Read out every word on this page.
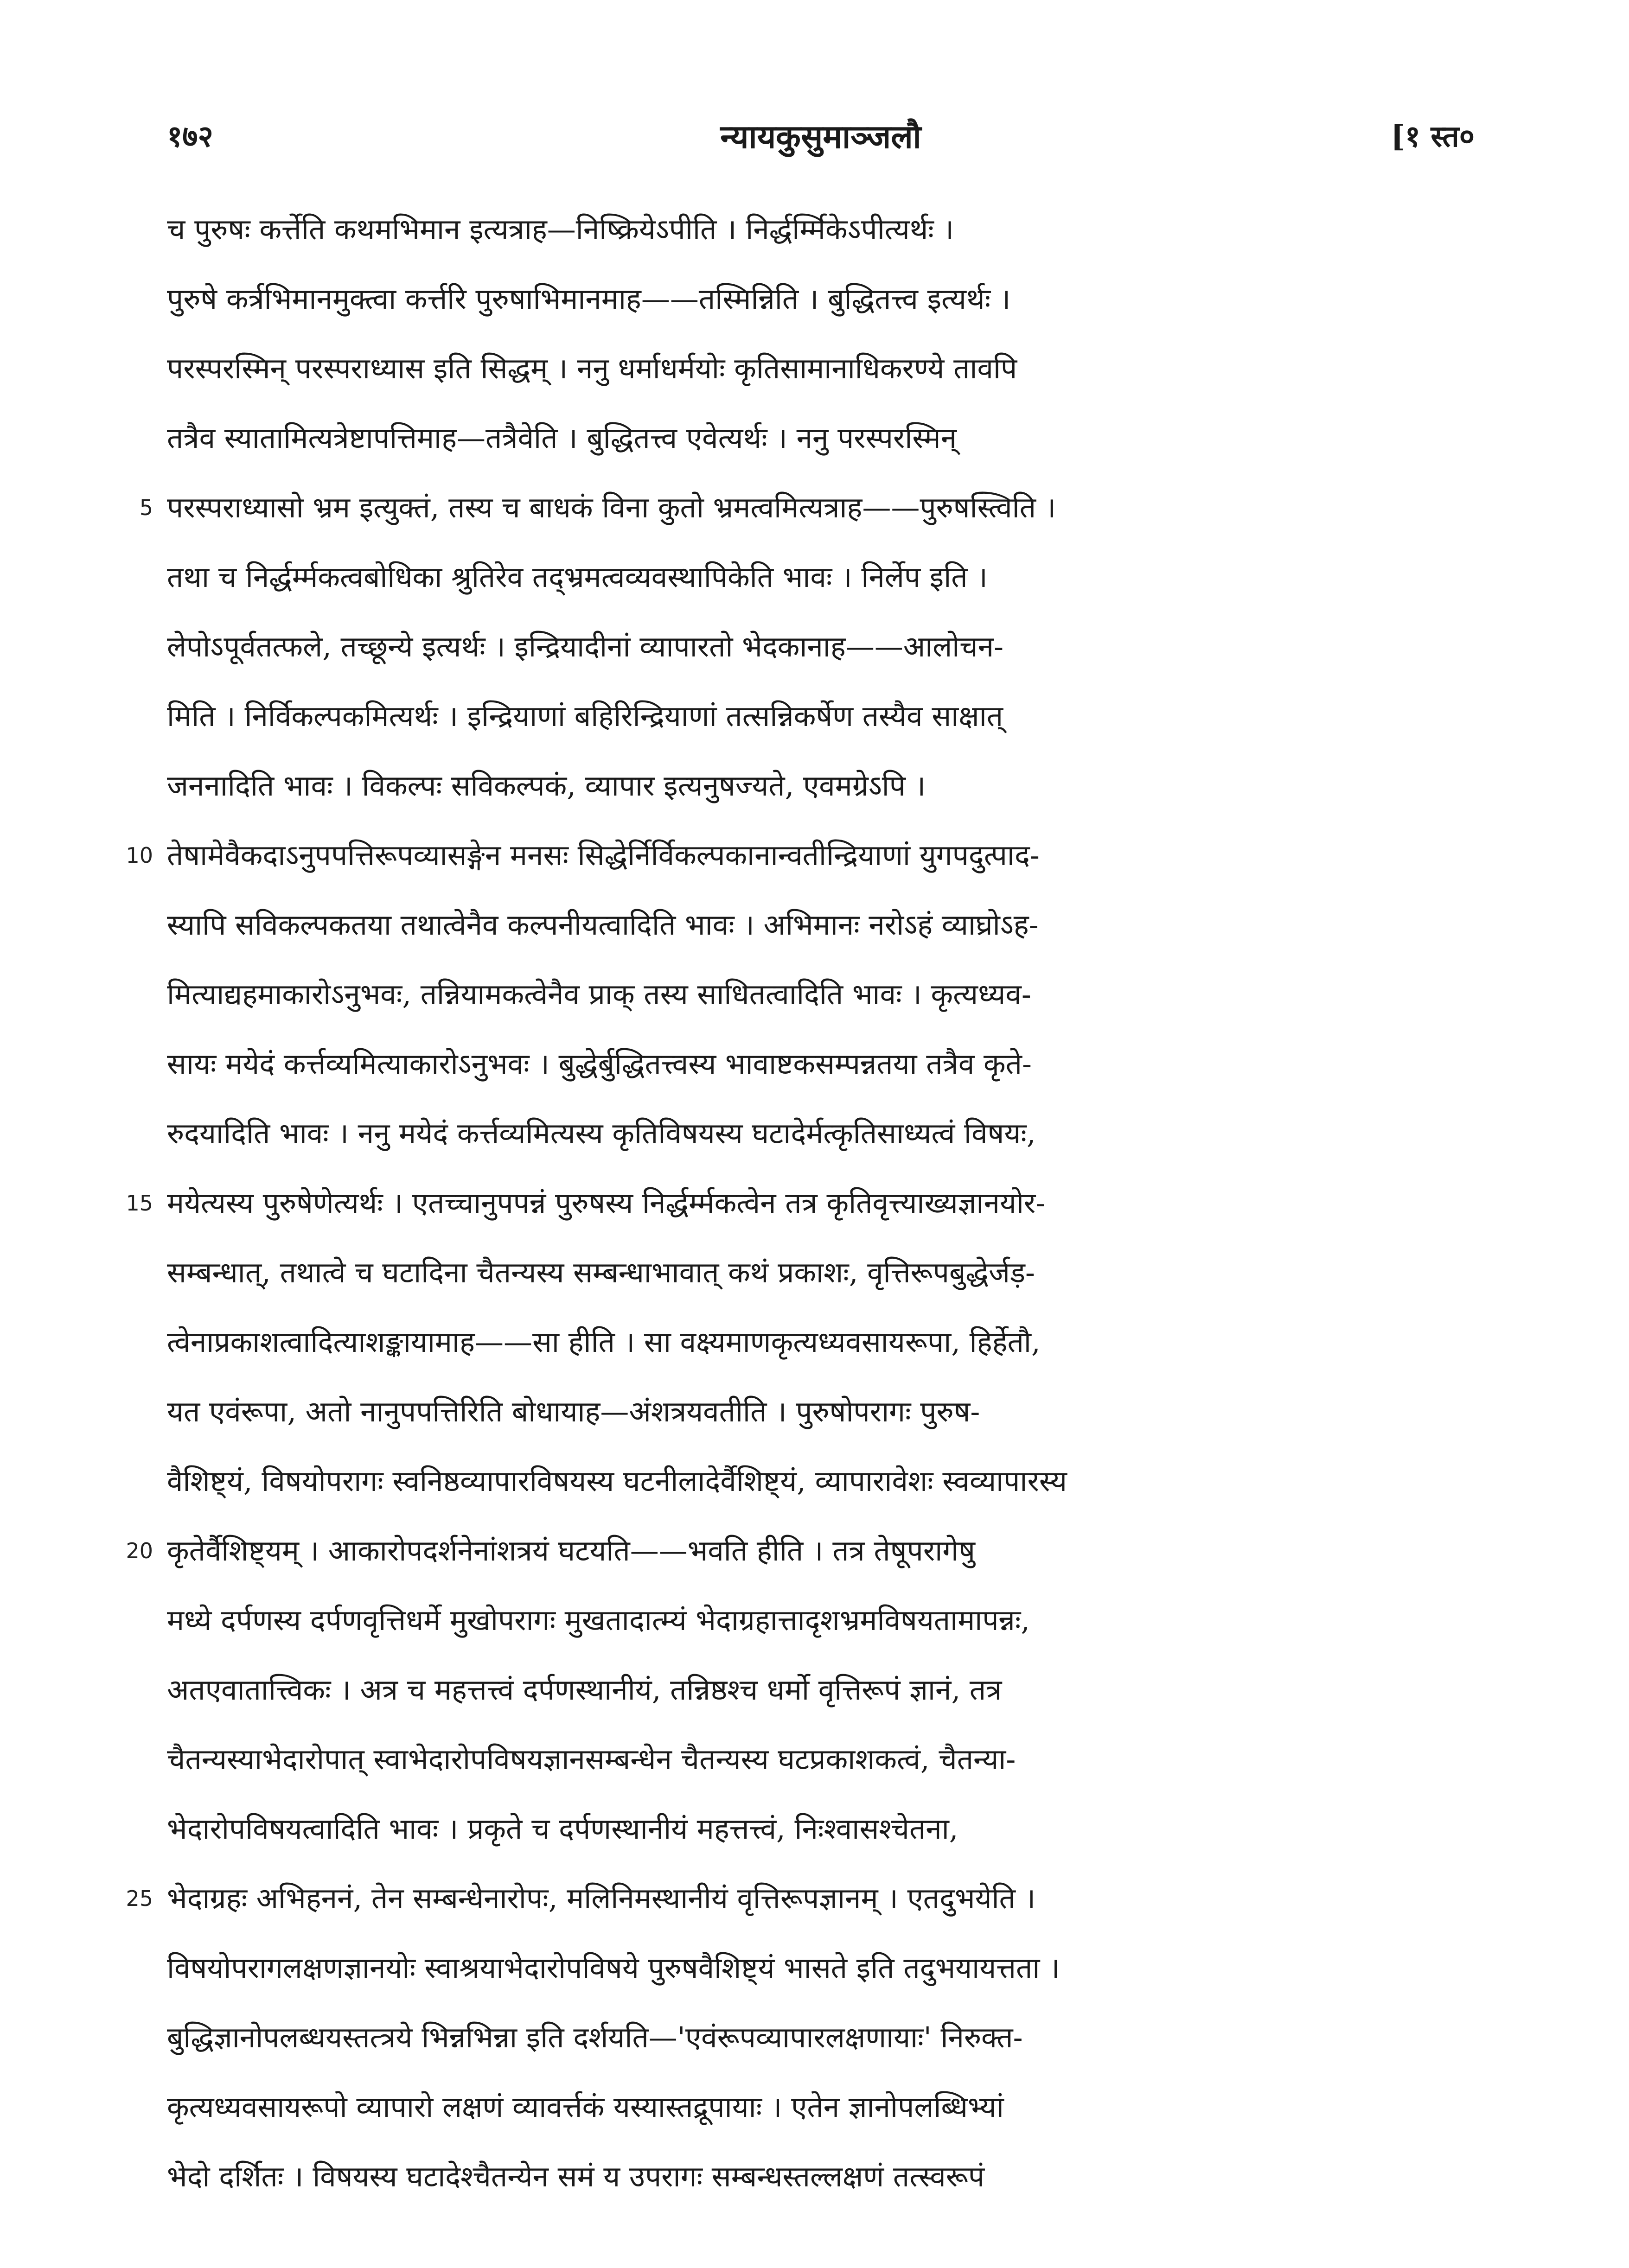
१७२	न्यायकुसुमाञ्जलौ	[१ स्त०
च पुरुषः कर्त्तेति कथमभिमान इत्यत्राह—निष्क्रियेऽपीति । निर्द्धर्म्मिकेऽपीत्यर्थः ।
पुरुषे कर्त्रभिमानमुक्त्वा कर्त्तरि पुरुषाभिमानमाह——तस्मिन्निति । बुद्धितत्त्व इत्यर्थः ।
परस्परस्मिन् परस्पराध्यास इति सिद्धम् । ननु धर्माधर्मयोः कृतिसामानाधिकरण्ये तावपि
तत्रैव स्यातामित्यत्रेष्टापत्तिमाह—तत्रैवेति । बुद्धितत्त्व एवेत्यर्थः । ननु परस्परस्मिन्
5 परस्पराध्यासो भ्रम इत्युक्तं, तस्य च बाधकं विना कुतो भ्रमत्वमित्यत्राह——पुरुषस्त्विति ।
तथा च निर्द्धर्म्मकत्वबोधिका श्रुतिरेव तद्भ्रमत्वव्यवस्थापिकेति भावः । निर्लेप इति ।
लेपोऽपूर्वतत्फले, तच्छून्ये इत्यर्थः । इन्द्रियादीनां व्यापारतो भेदकानाह——आलोचन-
मिति । निर्विकल्पकमित्यर्थः । इन्द्रियाणां बहिरिन्द्रियाणां तत्सन्निकर्षेण तस्यैव साक्षात्
जननादिति भावः । विकल्पः सविकल्पकं, व्यापार इत्यनुषज्यते, एवमग्रेऽपि ।
10 तेषामेवैकदाऽनुपपत्तिरूपव्यासङ्गेन मनसः सिद्धेर्निर्विकल्पकानान्वतीन्द्रियाणां युगपदुत्पाद-
स्यापि सविकल्पकतया तथात्वेनैव कल्पनीयत्वादिति भावः । अभिमानः नरोऽहं व्याघ्रोऽह-
मित्याद्यहमाकारोऽनुभवः, तन्नियामकत्वेनैव प्राक् तस्य साधितत्वादिति भावः । कृत्यध्यव-
सायः मयेदं कर्त्तव्यमित्याकारोऽनुभवः । बुद्धेर्बुद्धितत्त्वस्य भावाष्टकसम्पन्नतया तत्रैव कृते-
रुदयादिति भावः । ननु मयेदं कर्त्तव्यमित्यस्य कृतिविषयस्य घटादेर्मत्कृतिसाध्यत्वं विषयः,
15 मयेत्यस्य पुरुषेणेत्यर्थः । एतच्चानुपपन्नं पुरुषस्य निर्द्धर्म्मकत्वेन तत्र कृतिवृत्त्याख्यज्ञानयोर-
सम्बन्धात्, तथात्वे च घटादिना चैतन्यस्य सम्बन्धाभावात् कथं प्रकाशः, वृत्तिरूपबुद्धेर्जड़-
त्वेनाप्रकाशत्वादित्याशङ्कायामाह——सा हीति । सा वक्ष्यमाणकृत्यध्यवसायरूपा, हिर्हेतौ,
यत एवंरूपा, अतो नानुपपत्तिरिति बोधायाह—अंशत्रयवतीति । पुरुषोपरागः पुरुष-
वैशिष्ट्यं, विषयोपरागः स्वनिष्ठव्यापारविषयस्य घटनीलादेर्वैशिष्ट्यं, व्यापारावेशः स्वव्यापारस्य
20 कृतेर्वैशिष्ट्यम् । आकारोपदर्शनेनांशत्रयं घटयति——भवति हीति । तत्र तेषूपरागेषु
मध्ये दर्पणस्य दर्पणवृत्तिधर्मे मुखोपरागः मुखतादात्म्यं भेदाग्रहात्तादृशभ्रमविषयतामापन्नः,
अतएवातात्त्विकः । अत्र च महत्तत्त्वं दर्पणस्थानीयं, तन्निष्ठश्च धर्मो वृत्तिरूपं ज्ञानं, तत्र
चैतन्यस्याभेदारोपात् स्वाभेदारोपविषयज्ञानसम्बन्धेन चैतन्यस्य घटप्रकाशकत्वं, चैतन्या-
भेदारोपविषयत्वादिति भावः । प्रकृते च दर्पणस्थानीयं महत्तत्त्वं, निःश्वासश्चेतना,
25 भेदाग्रहः अभिहननं, तेन सम्बन्धेनारोपः, मलिनिमस्थानीयं वृत्तिरूपज्ञानम् । एतदुभयेति ।
विषयोपरागलक्षणज्ञानयोः स्वाश्रयाभेदारोपविषये पुरुषवैशिष्ट्यं भासते इति तदुभयायत्तता ।
बुद्धिज्ञानोपलब्धयस्तत्त्रये भिन्नभिन्ना इति दर्शयति—'एवंरूपव्यापारलक्षणायाः' निरुक्त-
कृत्यध्यवसायरूपो व्यापारो लक्षणं व्यावर्त्तकं यस्यास्तद्रूपायाः । एतेन ज्ञानोपलब्धिभ्यां
भेदो दर्शितः । विषयस्य घटादेश्चैतन्येन समं य उपरागः सम्बन्धस्तल्लक्षणं तत्स्वरूपं
